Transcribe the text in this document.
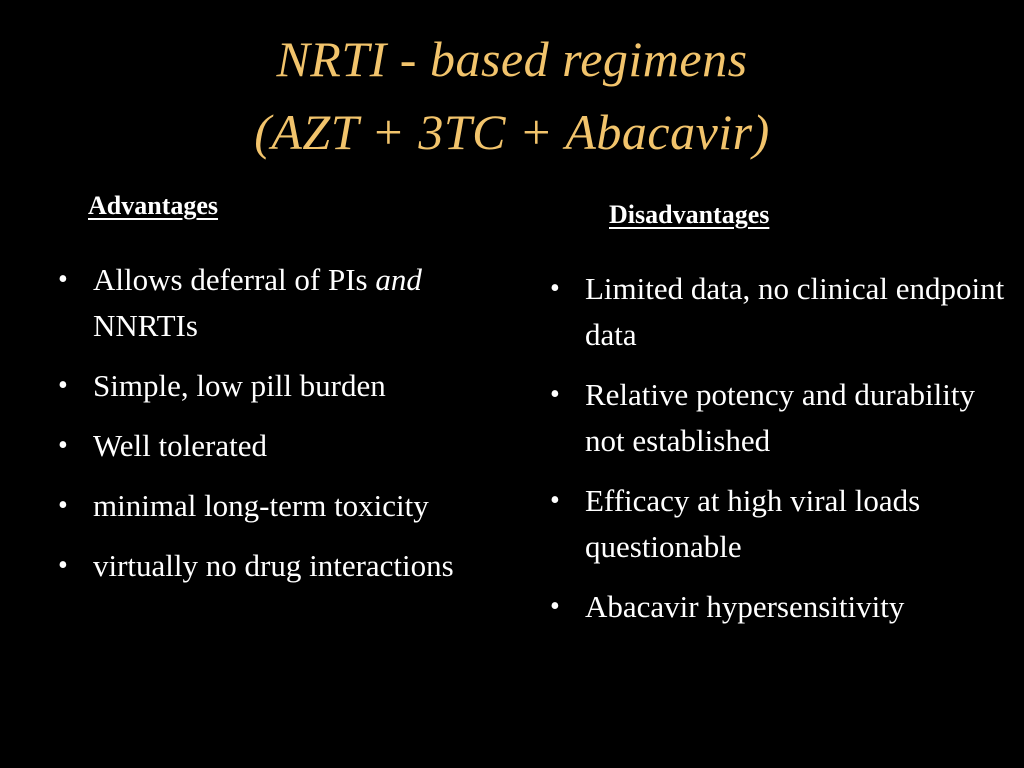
NRTI - based regimens
(AZT + 3TC + Abacavir)
Advantages	Disadvantages
• Allows deferral of PIs and NNRTIs
• Simple, low pill burden
• Well tolerated
• minimal long-term toxicity
• virtually no drug interactions
• Limited data, no clinical endpoint data
• Relative potency and durability not established
• Efficacy at high viral loads questionable
• Abacavir hypersensitivity
